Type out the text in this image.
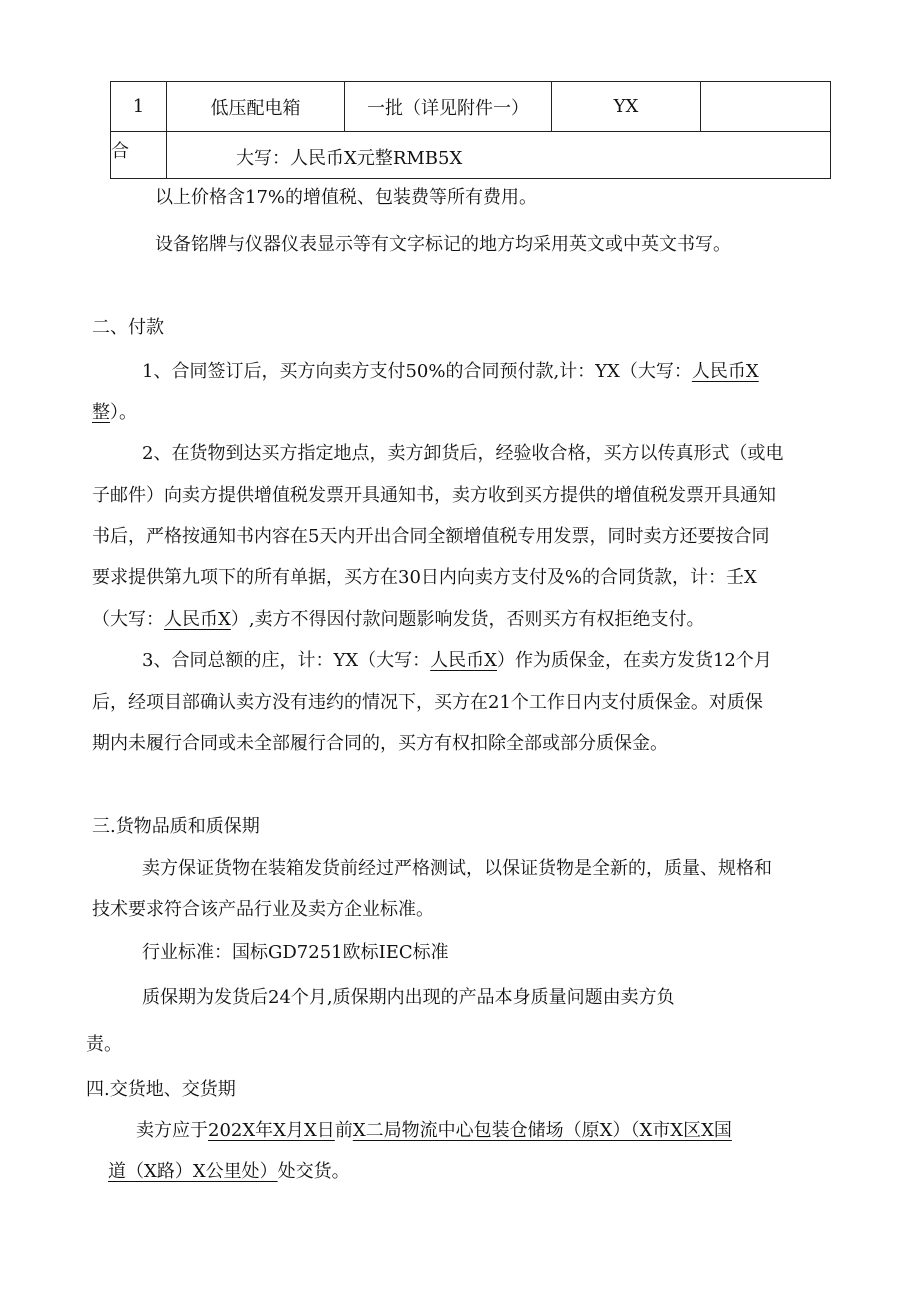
1	低压配电箱	一批（详见附件一）	YX
合	大写：人民币X元整RMB5X
以上价格含17%的增值税、包装费等所有费用。
设备铭牌与仪器仪表显示等有文字标记的地方均采用英文或中英文书写。
二、付款
1、合同签订后，买方向卖方支付50%的合同预付款,计：YX（大写：人民币X
整）。
2、在货物到达买方指定地点，卖方卸货后，经验收合格，买方以传真形式（或电
子邮件）向卖方提供增值税发票开具通知书，卖方收到买方提供的增值税发票开具通知
书后，严格按通知书内容在5天内开出合同全额增值税专用发票，同时卖方还要按合同
要求提供第九项下的所有单据，买方在30日内向卖方支付及%的合同货款，计：壬X
（大写：人民币X）,卖方不得因付款问题影响发货，否则买方有权拒绝支付。
3、合同总额的庄，计：YX（大写：人民币X）作为质保金，在卖方发货12个月
后，经项目部确认卖方没有违约的情况下，买方在21个工作日内支付质保金。对质保
期内未履行合同或未全部履行合同的，买方有权扣除全部或部分质保金。
三.货物品质和质保期
卖方保证货物在装箱发货前经过严格测试，以保证货物是全新的，质量、规格和
技术要求符合该产品行业及卖方企业标准。
行业标准：国标GD7251欧标IEC标准
质保期为发货后24个月,质保期内出现的产品本身质量问题由卖方负
责。
四.交货地、交货期
卖方应于202X年X月X日前X二局物流中心包装仓储场（原X）（X市X区X国
道（X路）X公里处）处交货。
